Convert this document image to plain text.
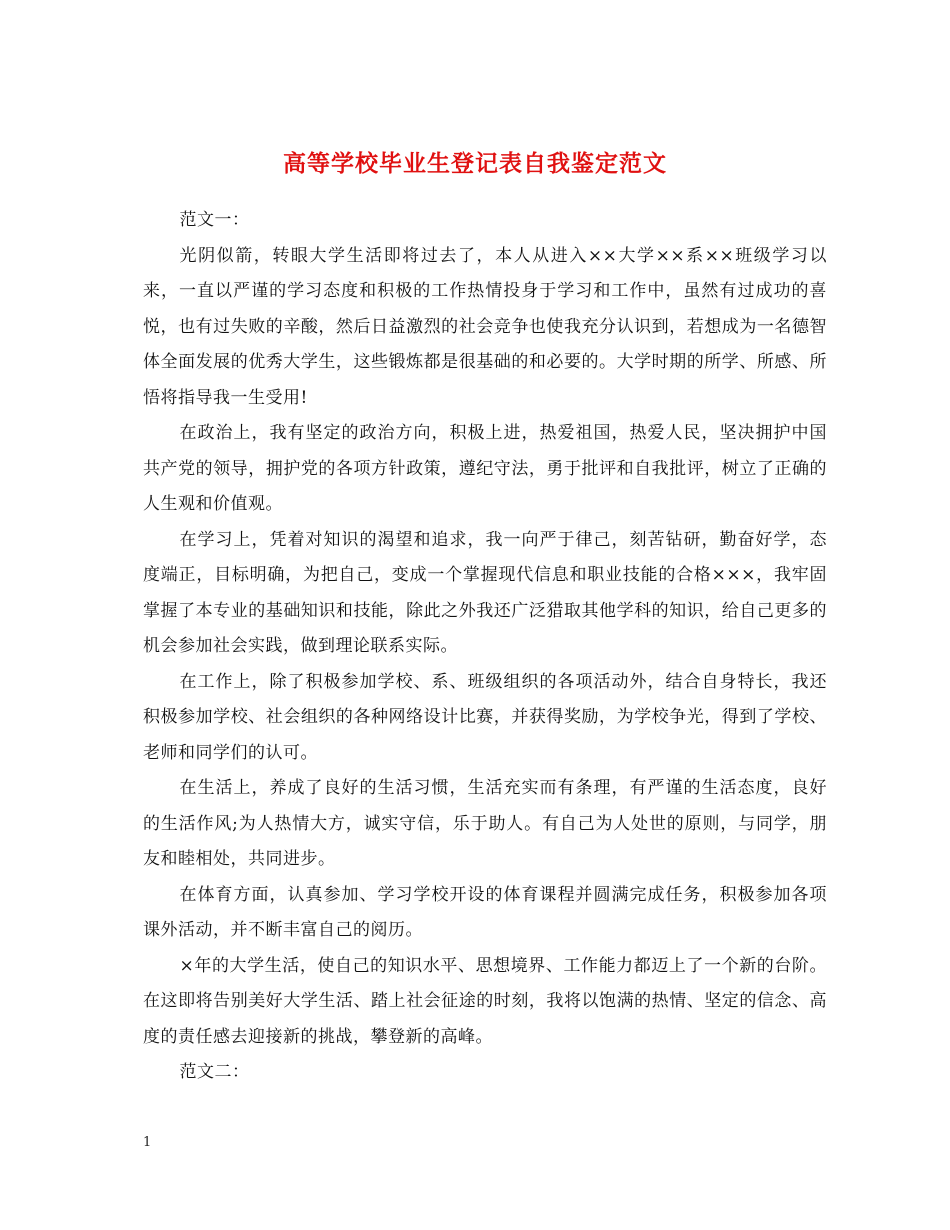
高等学校毕业生登记表自我鉴定范文

范文一：

光阴似箭，转眼大学生活即将过去了，本人从进入××大学××系××班级学习以来，一直以严谨的学习态度和积极的工作热情投身于学习和工作中，虽然有过成功的喜悦，也有过失败的辛酸，然后日益激烈的社会竞争也使我充分认识到，若想成为一名德智体全面发展的优秀大学生，这些锻炼都是很基础的和必要的。大学时期的所学、所感、所悟将指导我一生受用!

在政治上，我有坚定的政治方向，积极上进，热爱祖国，热爱人民，坚决拥护中国共产党的领导，拥护党的各项方针政策，遵纪守法，勇于批评和自我批评，树立了正确的人生观和价值观。

在学习上，凭着对知识的渴望和追求，我一向严于律己，刻苦钻研，勤奋好学，态度端正，目标明确，为把自己，变成一个掌握现代信息和职业技能的合格×××，我牢固掌握了本专业的基础知识和技能，除此之外我还广泛猎取其他学科的知识，给自己更多的机会参加社会实践，做到理论联系实际。

在工作上，除了积极参加学校、系、班级组织的各项活动外，结合自身特长，我还积极参加学校、社会组织的各种网络设计比赛，并获得奖励，为学校争光，得到了学校、老师和同学们的认可。

在生活上，养成了良好的生活习惯，生活充实而有条理，有严谨的生活态度，良好的生活作风;为人热情大方，诚实守信，乐于助人。有自己为人处世的原则，与同学，朋友和睦相处，共同进步。

在体育方面，认真参加、学习学校开设的体育课程并圆满完成任务，积极参加各项课外活动，并不断丰富自己的阅历。

×年的大学生活，使自己的知识水平、思想境界、工作能力都迈上了一个新的台阶。在这即将告别美好大学生活、踏上社会征途的时刻，我将以饱满的热情、坚定的信念、高度的责任感去迎接新的挑战，攀登新的高峰。

范文二：

1
